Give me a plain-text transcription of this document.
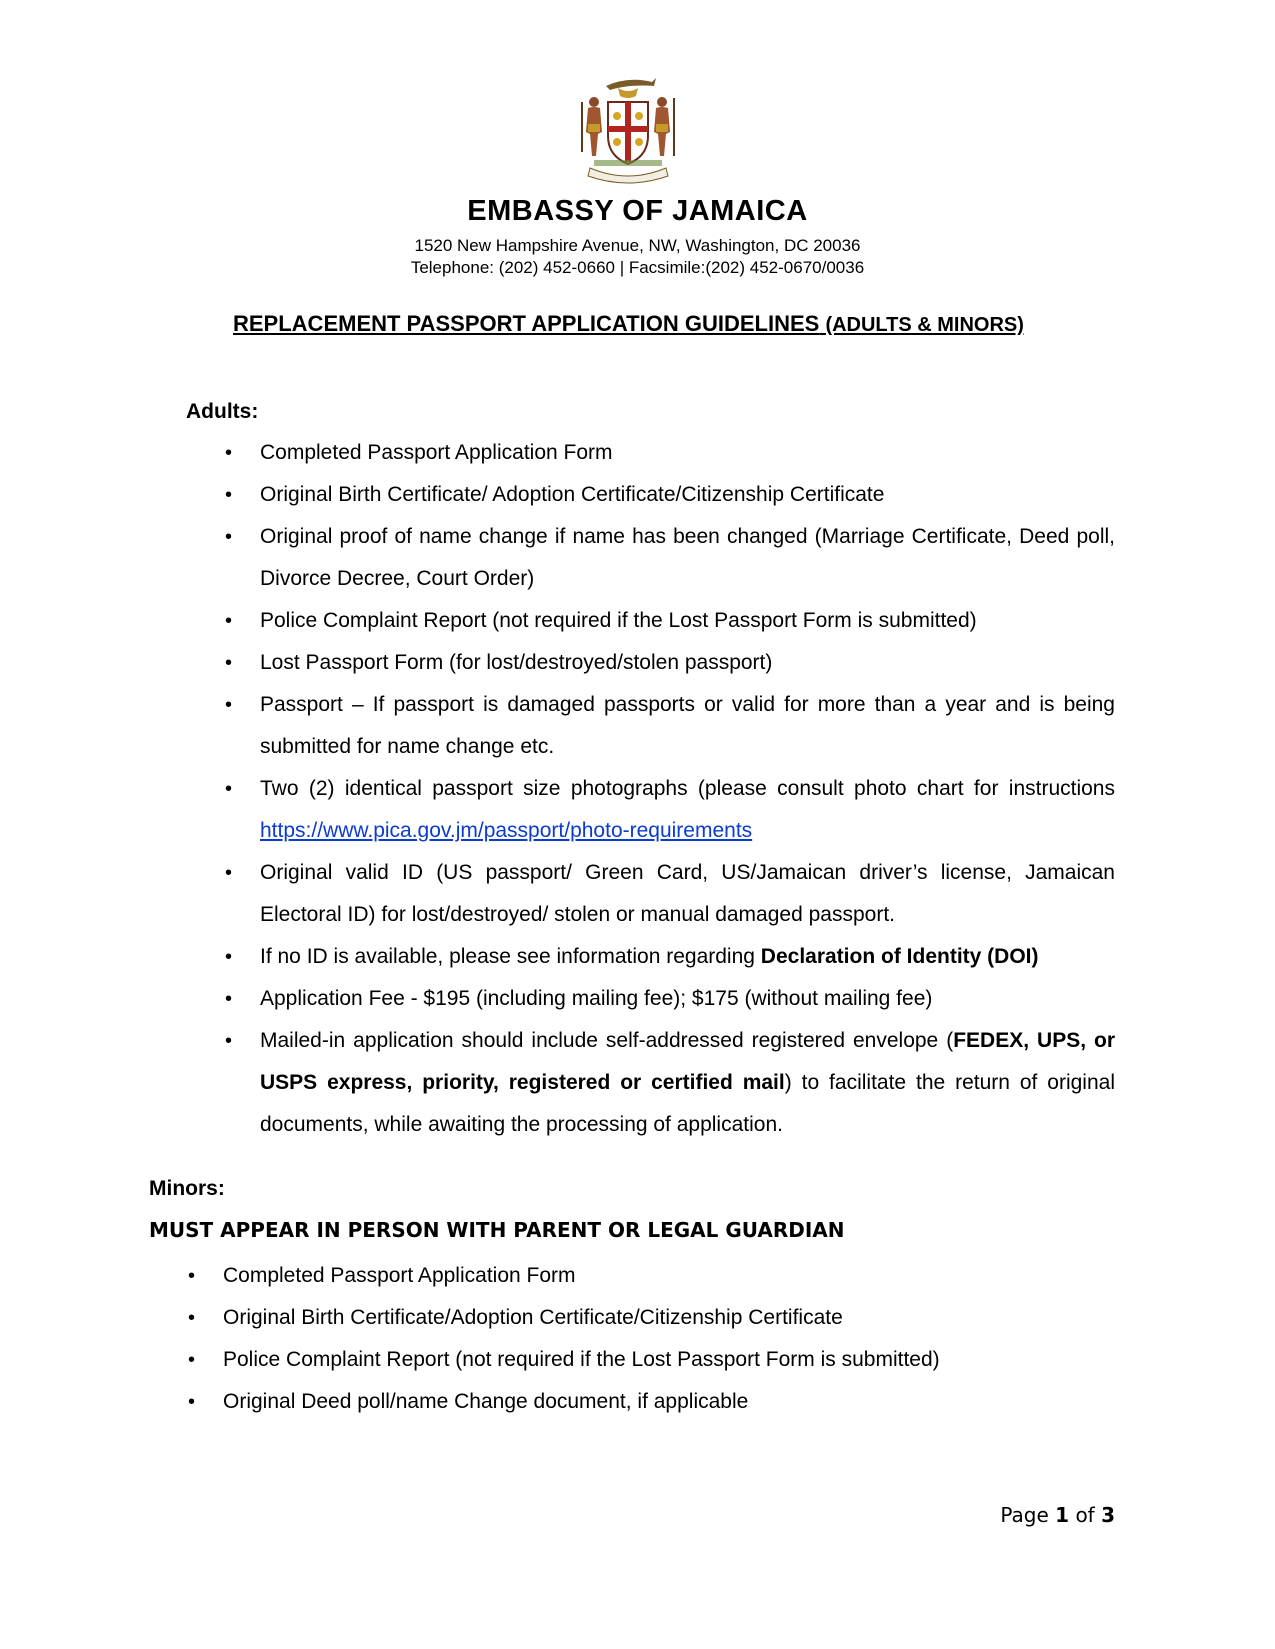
EMBASSY OF JAMAICA
1520 New Hampshire Avenue, NW, Washington, DC 20036
Telephone: (202) 452-0660 | Facsimile:(202) 452-0670/0036
REPLACEMENT PASSPORT APPLICATION GUIDELINES (ADULTS & MINORS)
Adults:
• Completed Passport Application Form
• Original Birth Certificate/ Adoption Certificate/Citizenship Certificate
• Original proof of name change if name has been changed (Marriage Certificate, Deed poll, Divorce Decree, Court Order)
• Police Complaint Report (not required if the Lost Passport Form is submitted)
• Lost Passport Form (for lost/destroyed/stolen passport)
• Passport – If passport is damaged passports or valid for more than a year and is being submitted for name change etc.
• Two (2) identical passport size photographs (please consult photo chart for instructions https://www.pica.gov.jm/passport/photo-requirements
• Original valid ID (US passport/ Green Card, US/Jamaican driver’s license, Jamaican Electoral ID) for lost/destroyed/ stolen or manual damaged passport.
• If no ID is available, please see information regarding Declaration of Identity (DOI)
• Application Fee - $195 (including mailing fee); $175 (without mailing fee)
• Mailed-in application should include self-addressed registered envelope (FEDEX, UPS, or USPS express, priority, registered or certified mail) to facilitate the return of original documents, while awaiting the processing of application.
Minors:
MUST APPEAR IN PERSON WITH PARENT OR LEGAL GUARDIAN
• Completed Passport Application Form
• Original Birth Certificate/Adoption Certificate/Citizenship Certificate
• Police Complaint Report (not required if the Lost Passport Form is submitted)
• Original Deed poll/name Change document, if applicable
Page 1 of 3
